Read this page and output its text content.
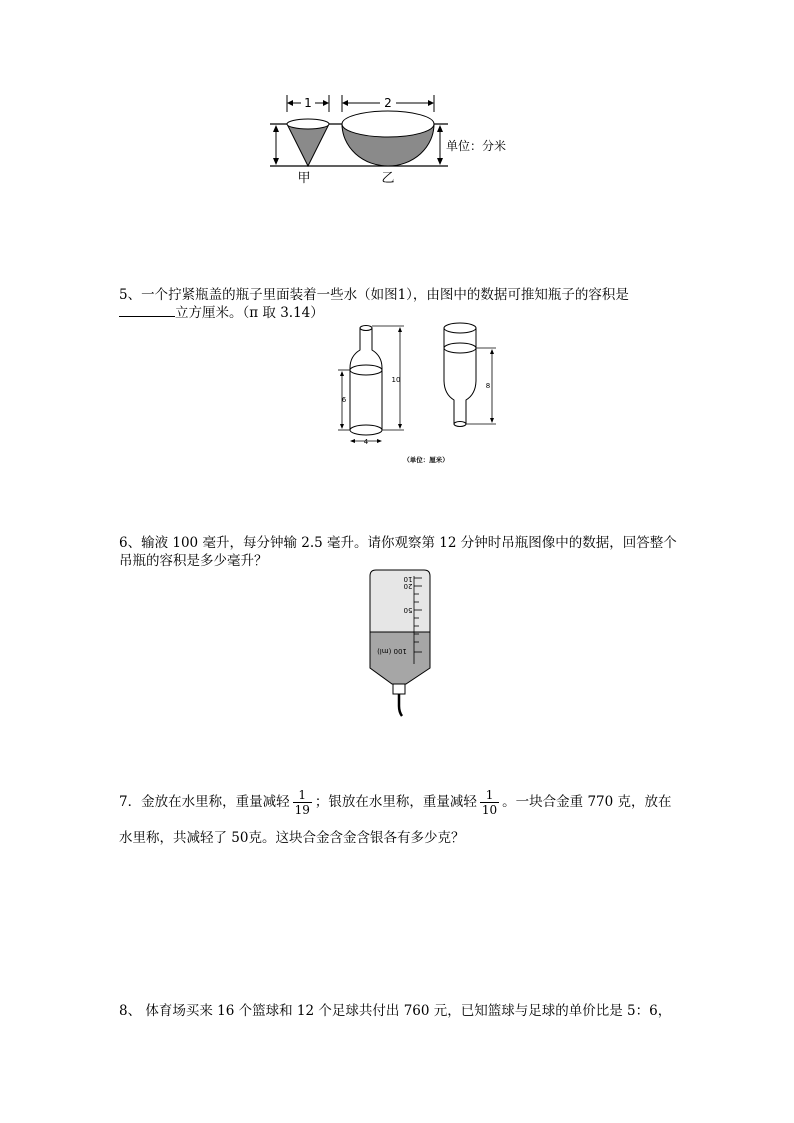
1	2
甲	乙
单位：分米
5、一个拧紧瓶盖的瓶子里面装着一些水（如图1），由图中的数据可推知瓶子的容积是
立方厘米。（π 取 3.14）
6
10
4
8
（单位：厘米）
6、输液 100 毫升，每分钟输 2.5 毫升。请你观察第 12 分钟时吊瓶图像中的数据，回答整个
吊瓶的容积是多少毫升？
10
20
50
100 (ml)
7．金放在水里称，重量减轻 $\frac{1}{19}$ ；银放在水里称，重量减轻 $\frac{1}{10}$ 。一块合金重 770 克，放在
水里称，共减轻了 50克。这块合金含金含银各有多少克？
8、 体育场买来 16 个篮球和 12 个足球共付出 760 元，已知篮球与足球的单价比是 5：6，
